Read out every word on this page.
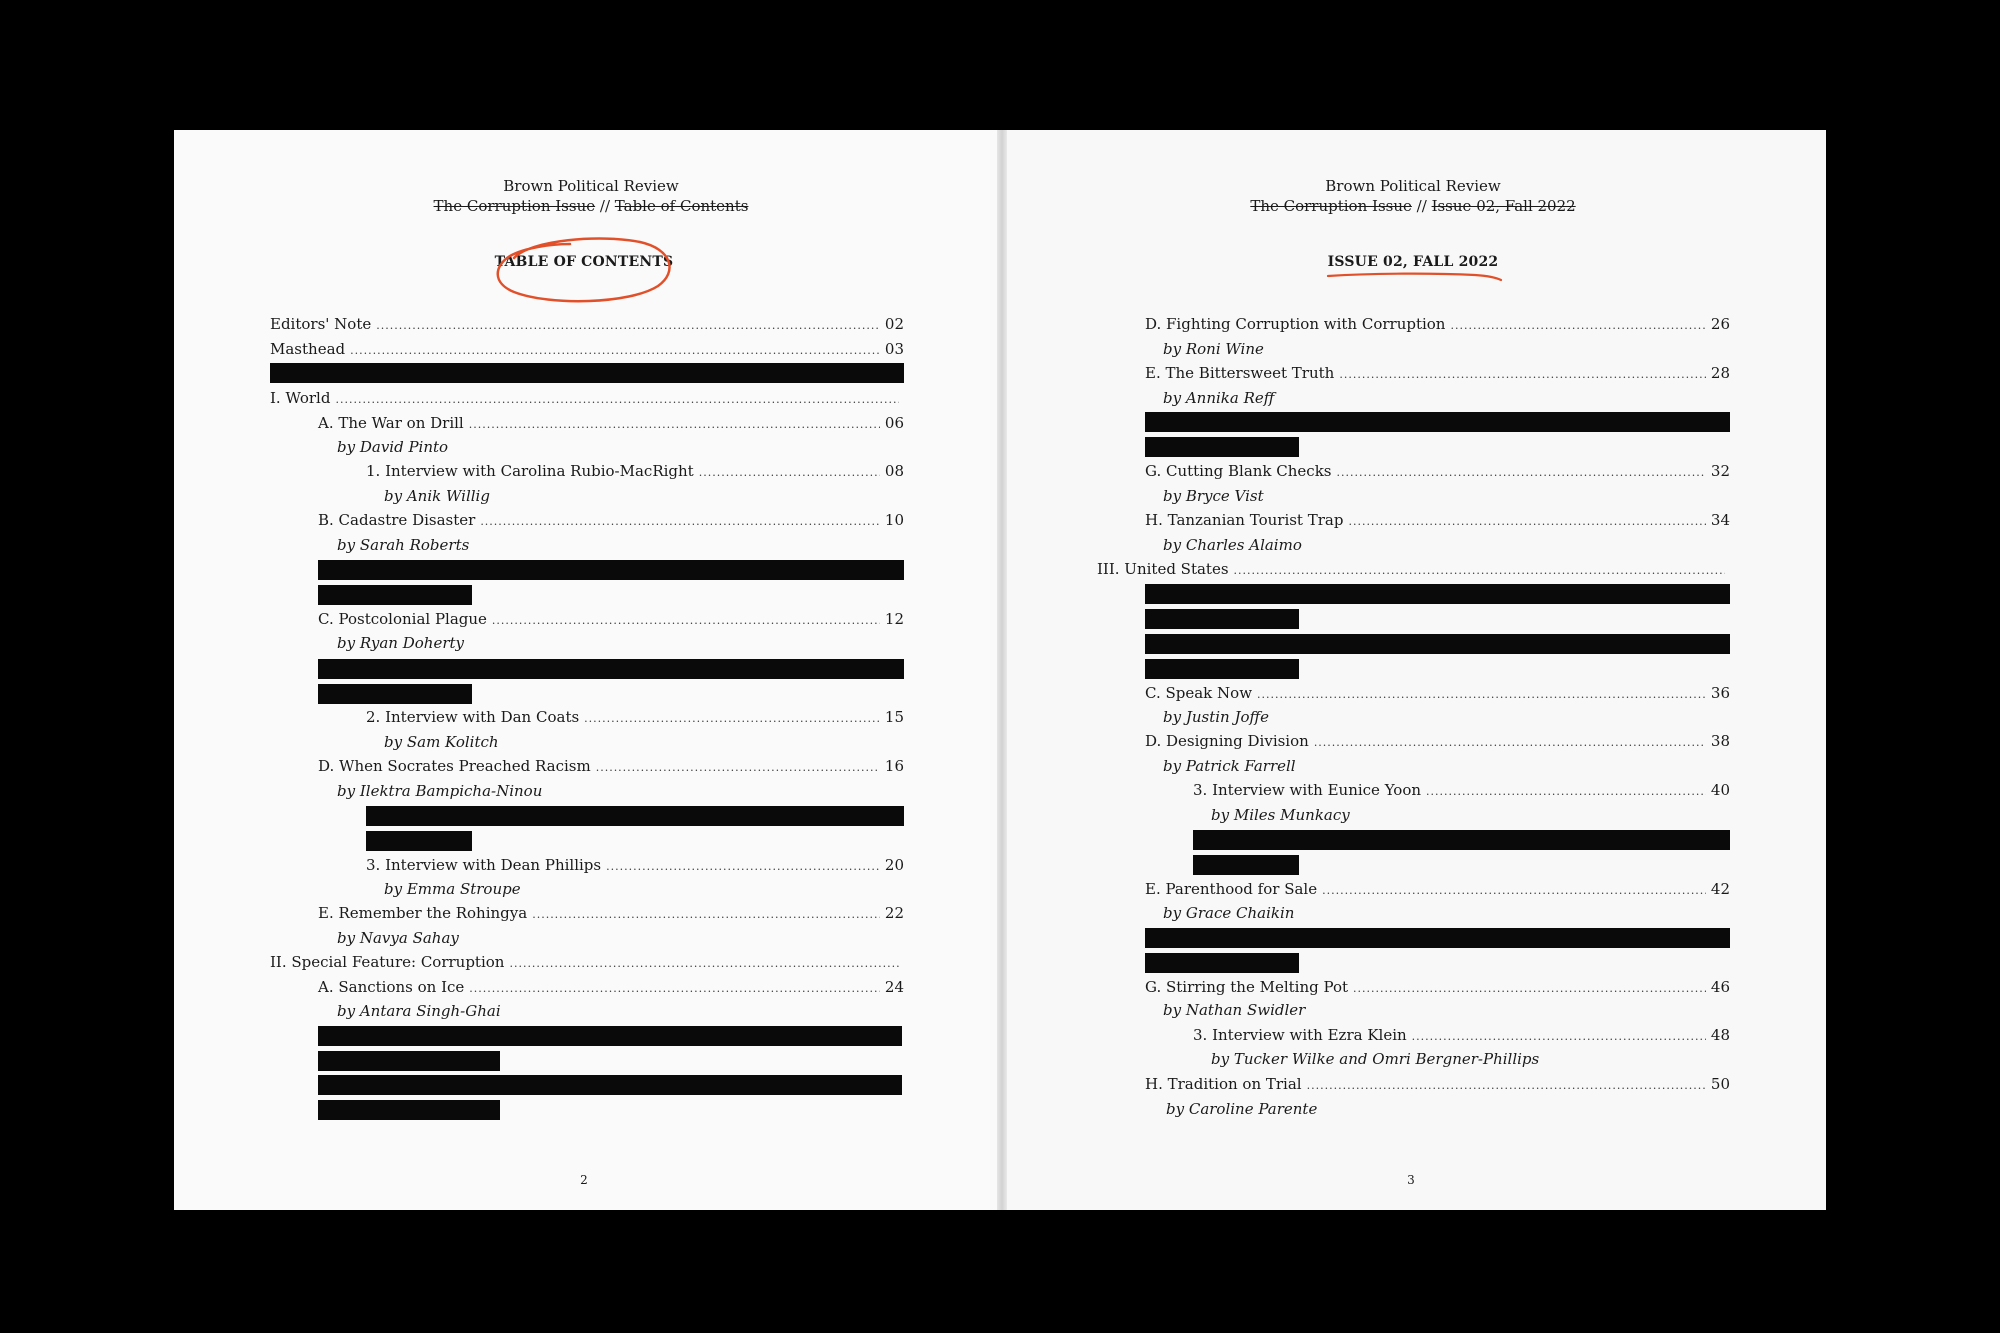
Brown Political Review
The Corruption Issue // Table of Contents
TABLE OF CONTENTS
Editors' Note .....	02
Masthead .....	03
I. World
.....
A. The War on Drill .....	06
by David Pinto
1. Interview with Carolina Rubio-MacRight .....	08
by Anik Willig
B. Cadastre Disaster .....	10
by Sarah Roberts
C. Postcolonial Plague .....	12
by Ryan Doherty
2. Interview with Dan Coats .....	15
by Sam Kolitch
D. When Socrates Preached Racism .....	16
by Ilektra Bampicha-Ninou
3. Interview with Dean Phillips .....	20
by Emma Stroupe
E. Remember the Rohingya .....	22
by Navya Sahay
II. Special Feature: Corruption
.....
A. Sanctions on Ice .....	24
by Antara Singh-Ghai
2
Brown Political Review
The Corruption Issue // Issue 02, Fall 2022
ISSUE 02, FALL 2022
D. Fighting Corruption with Corruption .....	26
by Roni Wine
E. The Bittersweet Truth .....	28
by Annika Reff
G. Cutting Blank Checks .....	32
by Bryce Vist
H. Tanzanian Tourist Trap .....	34
by Charles Alaimo
III. United States
.....
C. Speak Now .....	36
by Justin Joffe
D. Designing Division .....	38
by Patrick Farrell
3. Interview with Eunice Yoon .....	40
by Miles Munkacy
E. Parenthood for Sale .....	42
by Grace Chaikin
G. Stirring the Melting Pot .....	46
by Nathan Swidler
3. Interview with Ezra Klein .....	48
by Tucker Wilke and Omri Bergner-Phillips
H. Tradition on Trial .....	50
by Caroline Parente
3
